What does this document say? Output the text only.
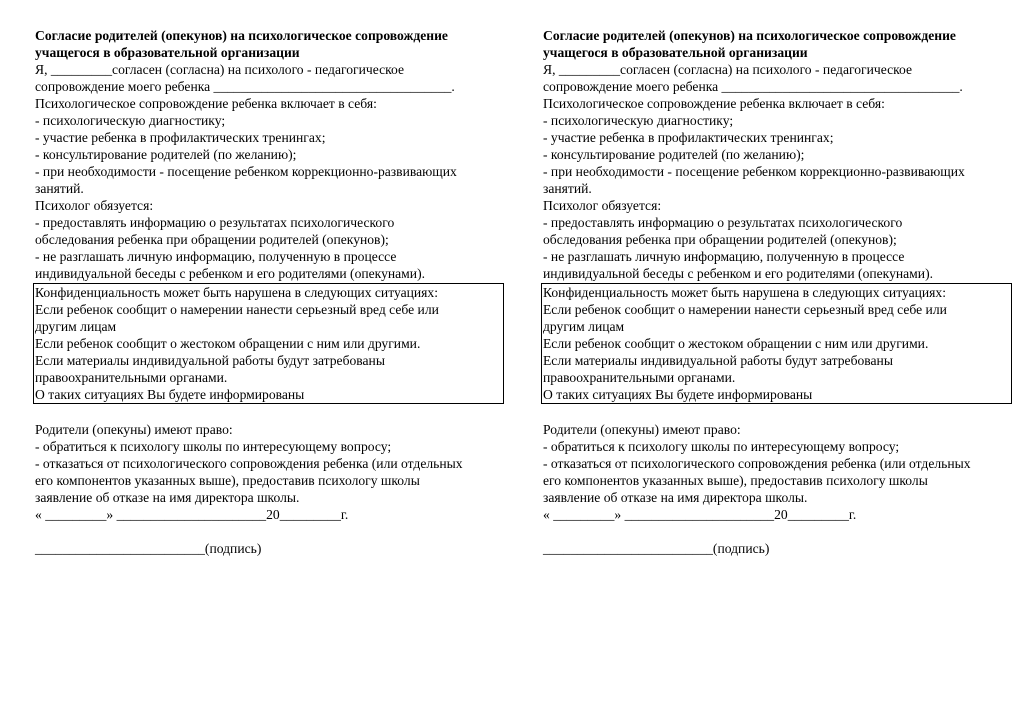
Согласие родителей (опекунов) на психологическое сопровождение
учащегося в образовательной организации
Я, _________согласен (согласна) на психолого - педагогическое
сопровождение моего ребенка ___________________________________.
Психологическое сопровождение ребенка включает в себя:
- психологическую диагностику;
- участие ребенка в профилактических тренингах;
- консультирование родителей (по желанию);
- при необходимости - посещение ребенком коррекционно-развивающих
занятий.
Психолог обязуется:
- предоставлять информацию о результатах психологического
обследования ребенка при обращении родителей (опекунов);
- не разглашать личную информацию, полученную в процессе
индивидуальной беседы с ребенком и его родителями (опекунами).
Конфиденциальность может быть нарушена в следующих ситуациях:
Если ребенок сообщит о намерении нанести серьезный вред себе или
другим лицам
Если ребенок сообщит о жестоком обращении с ним или другими.
Если материалы индивидуальной работы будут затребованы
правоохранительными органами.
О таких ситуациях Вы будете информированы
Родители (опекуны) имеют право:
- обратиться к психологу школы по интересующему вопросу;
- отказаться от психологического сопровождения ребенка (или отдельных
его компонентов указанных выше), предоставив психологу школы
заявление об отказе на имя директора школы.
« _________» ______________________20_________г.
_________________________(подпись)
Согласие родителей (опекунов) на психологическое сопровождение
учащегося в образовательной организации
Я, _________согласен (согласна) на психолого - педагогическое
сопровождение моего ребенка ___________________________________.
Психологическое сопровождение ребенка включает в себя:
- психологическую диагностику;
- участие ребенка в профилактических тренингах;
- консультирование родителей (по желанию);
- при необходимости - посещение ребенком коррекционно-развивающих
занятий.
Психолог обязуется:
- предоставлять информацию о результатах психологического
обследования ребенка при обращении родителей (опекунов);
- не разглашать личную информацию, полученную в процессе
индивидуальной беседы с ребенком и его родителями (опекунами).
Конфиденциальность может быть нарушена в следующих ситуациях:
Если ребенок сообщит о намерении нанести серьезный вред себе или
другим лицам
Если ребенок сообщит о жестоком обращении с ним или другими.
Если материалы индивидуальной работы будут затребованы
правоохранительными органами.
О таких ситуациях Вы будете информированы
Родители (опекуны) имеют право:
- обратиться к психологу школы по интересующему вопросу;
- отказаться от психологического сопровождения ребенка (или отдельных
его компонентов указанных выше), предоставив психологу школы
заявление об отказе на имя директора школы.
« _________» ______________________20_________г.
_________________________(подпись)
